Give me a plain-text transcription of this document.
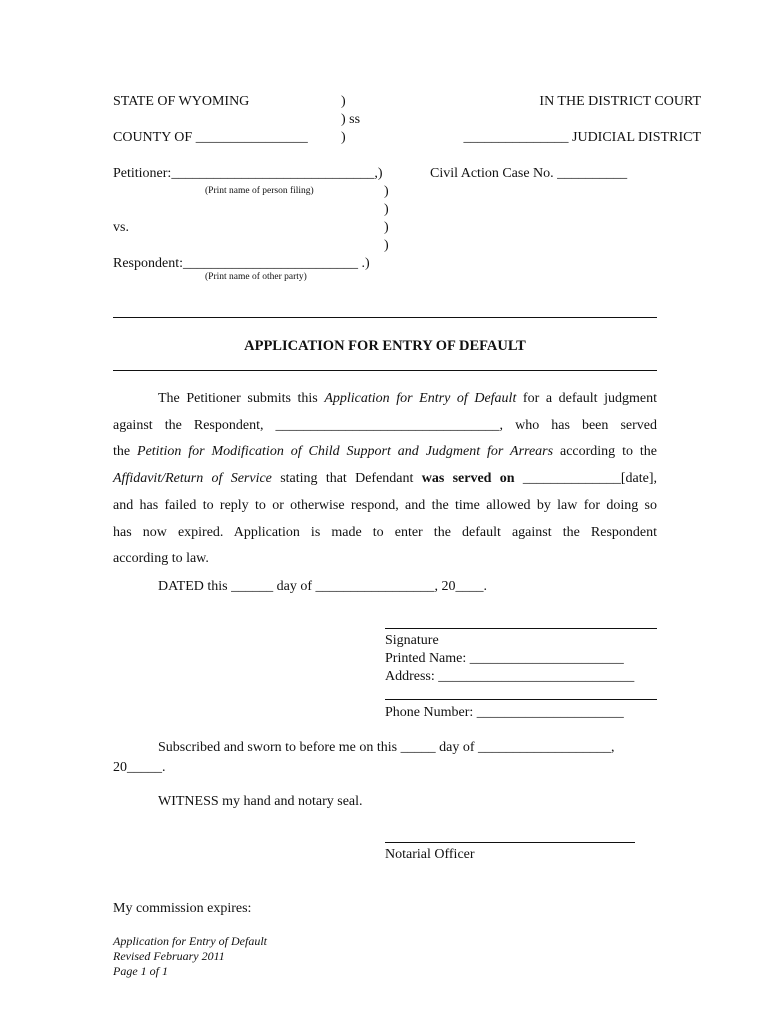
STATE OF WYOMING	)
) ss
COUNTY OF ________________ )
IN THE DISTRICT COURT
_______________ JUDICIAL DISTRICT
Petitioner:_____________________________,)
(Print name of person filing)
Civil Action Case No. __________
)
)
vs.	)
)
Respondent:_________________________ .)
(Print name of other party)
APPLICATION FOR ENTRY OF DEFAULT
The Petitioner submits this Application for Entry of Default for a default judgment
against the Respondent, ________________________________, who has been served
the Petition for Modification of Child Support and Judgment for Arrears according to the
Affidavit/Return of Service stating that Defendant was served on ______________[date],
and has failed to reply to or otherwise respond, and the time allowed by law for doing so
has now expired. Application is made to enter the default against the Respondent
according to law.
DATED this ______ day of _________________, 20____.
Signature
Printed Name: ______________________
Address: ____________________________
Phone Number: _____________________
Subscribed and sworn to before me on this _____ day of ___________________,
20_____.
WITNESS my hand and notary seal.
Notarial Officer
My commission expires:
Application for Entry of Default
Revised February 2011
Page 1 of 1
